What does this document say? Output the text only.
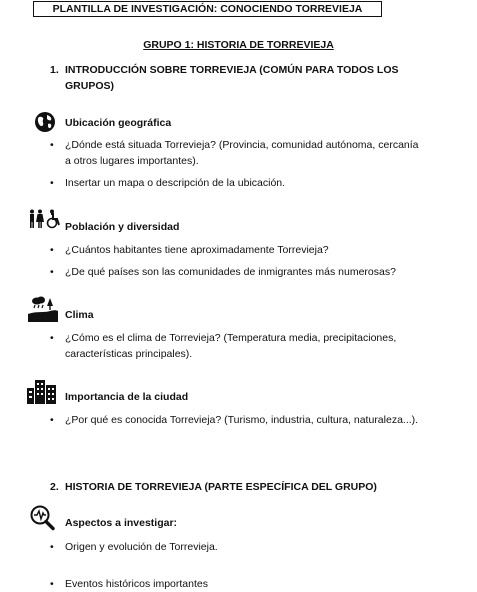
PLANTILLA DE INVESTIGACIÓN: CONOCIENDO TORREVIEJA
GRUPO 1: HISTORIA DE TORREVIEJA
1. INTRODUCCIÓN SOBRE TORREVIEJA (COMÚN PARA TODOS LOS GRUPOS)
Ubicación geográfica
• ¿Dónde está situada Torrevieja? (Provincia, comunidad autónoma, cercanía a otros lugares importantes).
• Insertar un mapa o descripción de la ubicación.
Población y diversidad
• ¿Cuántos habitantes tiene aproximadamente Torrevieja?
• ¿De qué países son las comunidades de inmigrantes más numerosas?
Clima
• ¿Cómo es el clima de Torrevieja? (Temperatura media, precipitaciones, características principales).
Importancia de la ciudad
• ¿Por qué es conocida Torrevieja? (Turismo, industria, cultura, naturaleza...).
2. HISTORIA DE TORREVIEJA (PARTE ESPECÍFICA DEL GRUPO)
Aspectos a investigar:
• Origen y evolución de Torrevieja.
• Eventos históricos importantes
